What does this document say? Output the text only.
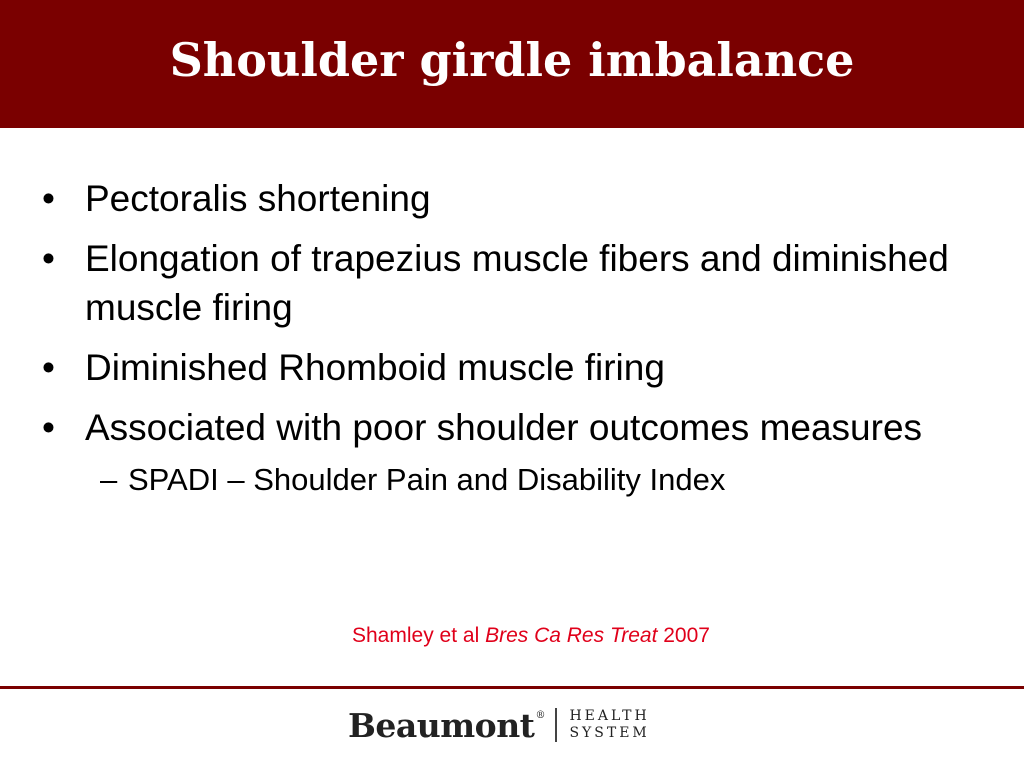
Shoulder girdle imbalance
•
Pectoralis shortening
•
Elongation of trapezius muscle fibers and diminished muscle firing
•
Diminished Rhomboid muscle firing
•
Associated with poor shoulder outcomes measures
–
SPADI – Shoulder Pain and Disability Index
Shamley et al Bres Ca Res Treat 2007
Beaumont ® HEALTH
SYSTEM
